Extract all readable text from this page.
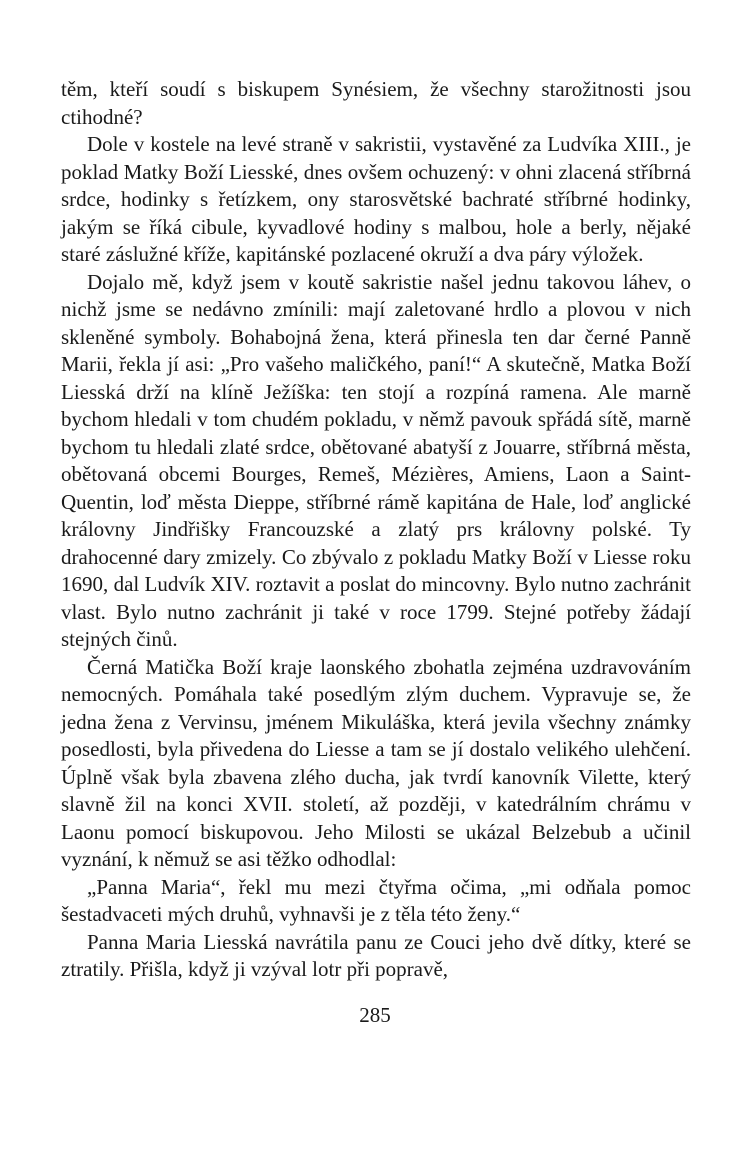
těm, kteří soudí s biskupem Synésiem, že všechny starožitnosti jsou ctihodné?

Dole v kostele na levé straně v sakristii, vystavěné za Ludvíka XIII., je poklad Matky Boží Liesské, dnes ovšem ochuzený: v ohni zlacená stříbrná srdce, hodinky s řetízkem, ony starosvětské bachraté stříbrné hodinky, jakým se říká cibule, kyvadlové hodiny s malbou, hole a berly, nějaké staré záslužné kříže, kapitánské pozlacené okruží a dva páry výložek.

Dojalo mě, když jsem v koutě sakristie našel jednu takovou láhev, o nichž jsme se nedávno zmínili: mají zaletované hrdlo a plovou v nich skleněné symboly. Bohabojná žena, která přinesla ten dar černé Panně Marii, řekla jí asi: „Pro vašeho maličkého, paní!“ A skutečně, Matka Boží Liesská drží na klíně Ježíška: ten stojí a rozpíná ramena. Ale marně bychom hledali v tom chudém pokladu, v němž pavouk spřádá sítě, marně bychom tu hledali zlaté srdce, obětované abatyší z Jouarre, stříbrná města, obětovaná obcemi Bourges, Remeš, Mézières, Amiens, Laon a Saint-Quentin, loď města Dieppe, stříbrné rámě kapitána de Hale, loď anglické královny Jindřišky Francouzské a zlatý prs královny polské. Ty drahocenné dary zmizely. Co zbývalo z pokladu Matky Boží v Liesse roku 1690, dal Ludvík XIV. roztavit a poslat do mincovny. Bylo nutno zachránit vlast. Bylo nutno zachránit ji také v roce 1799. Stejné potřeby žádají stejných činů.

Černá Matička Boží kraje laonského zbohatla zejména uzdravováním nemocných. Pomáhala také posedlým zlým duchem. Vypravuje se, že jedna žena z Vervinsu, jménem Mikuláška, která jevila všechny známky posedlosti, byla přivedena do Liesse a tam se jí dostalo velikého ulehčení. Úplně však byla zbavena zlého ducha, jak tvrdí kanovník Vilette, který slavně žil na konci XVII. století, až později, v katedrálním chrámu v Laonu pomocí biskupovou. Jeho Milosti se ukázal Belzebub a učinil vyznání, k němuž se asi těžko odhodlal:

„Panna Maria“, řekl mu mezi čtyřma očima, „mi odňala pomoc šestadvaceti mých druhů, vyhnavši je z těla této ženy.“

Panna Maria Liesská navrátila panu ze Couci jeho dvě dítky, které se ztratily. Přišla, když ji vzýval lotr při popravě,

285
